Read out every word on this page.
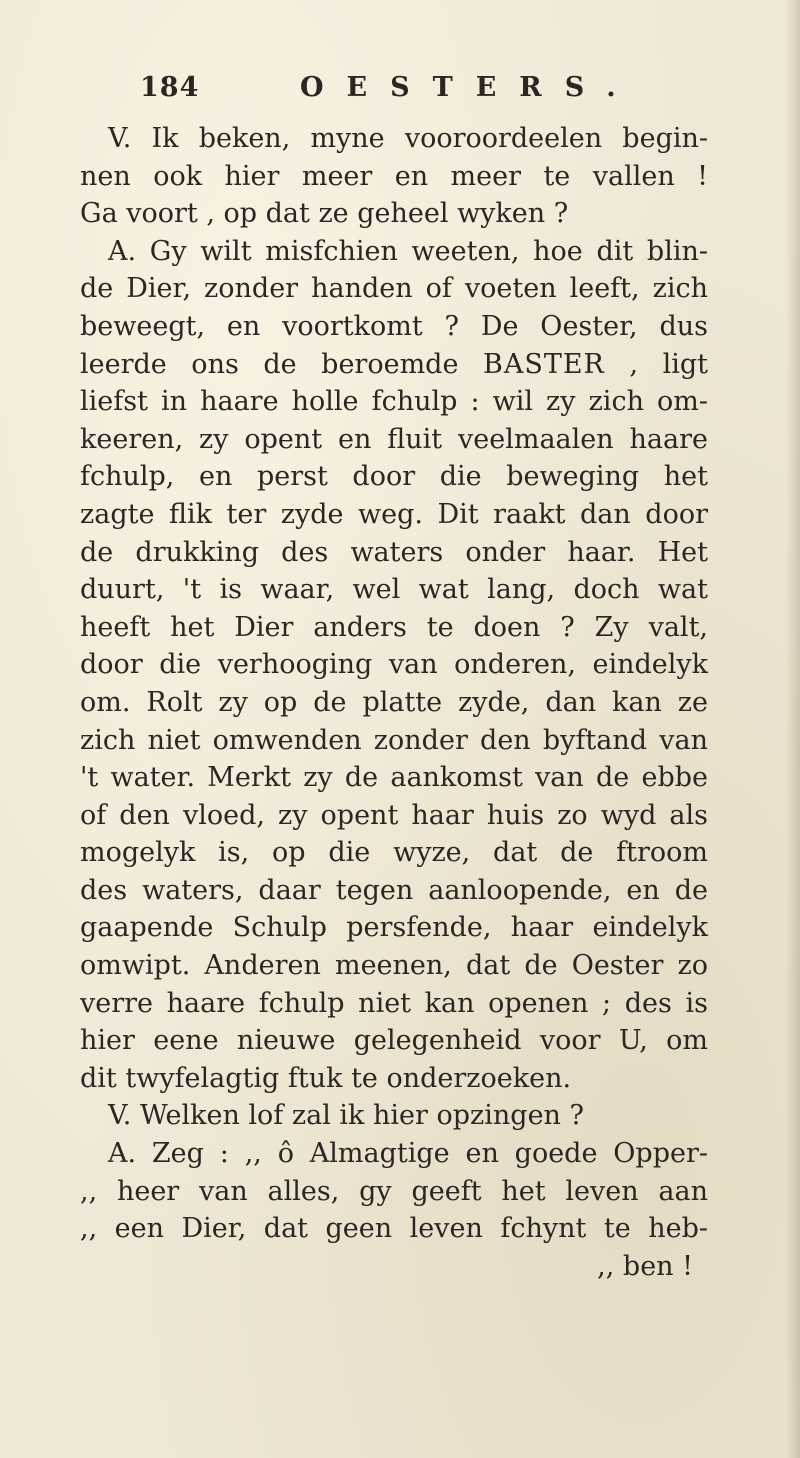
184	OESTERS.
V. Ik beken, myne vooroordeelen begin-
nen ook hier meer en meer te vallen !
Ga voort , op dat ze geheel wyken ?
A. Gy wilt misfchien weeten, hoe dit blin-
de Dier, zonder handen of voeten leeft, zich
beweegt, en voortkomt ? De Oester, dus
leerde ons de beroemde BASTER , ligt
liefst in haare holle fchulp : wil zy zich om-
keeren, zy opent en fluit veelmaalen haare
fchulp, en perst door die beweging het
zagte flik ter zyde weg. Dit raakt dan door
de drukking des waters onder haar. Het
duurt, 't is waar, wel wat lang, doch wat
heeft het Dier anders te doen ? Zy valt,
door die verhooging van onderen, eindelyk
om. Rolt zy op de platte zyde, dan kan ze
zich niet omwenden zonder den byftand van
't water. Merkt zy de aankomst van de ebbe
of den vloed, zy opent haar huis zo wyd als
mogelyk is, op die wyze, dat de ftroom
des waters, daar tegen aanloopende, en de
gaapende Schulp persfende, haar eindelyk
omwipt. Anderen meenen, dat de Oester zo
verre haare fchulp niet kan openen ; des is
hier eene nieuwe gelegenheid voor U, om
dit twyfelagtig ftuk te onderzoeken.
V. Welken lof zal ik hier opzingen ?
A. Zeg : ,, ô Almagtige en goede Opper-
,, heer van alles, gy geeft het leven aan
,, een Dier, dat geen leven fchynt te heb-
,, ben !
